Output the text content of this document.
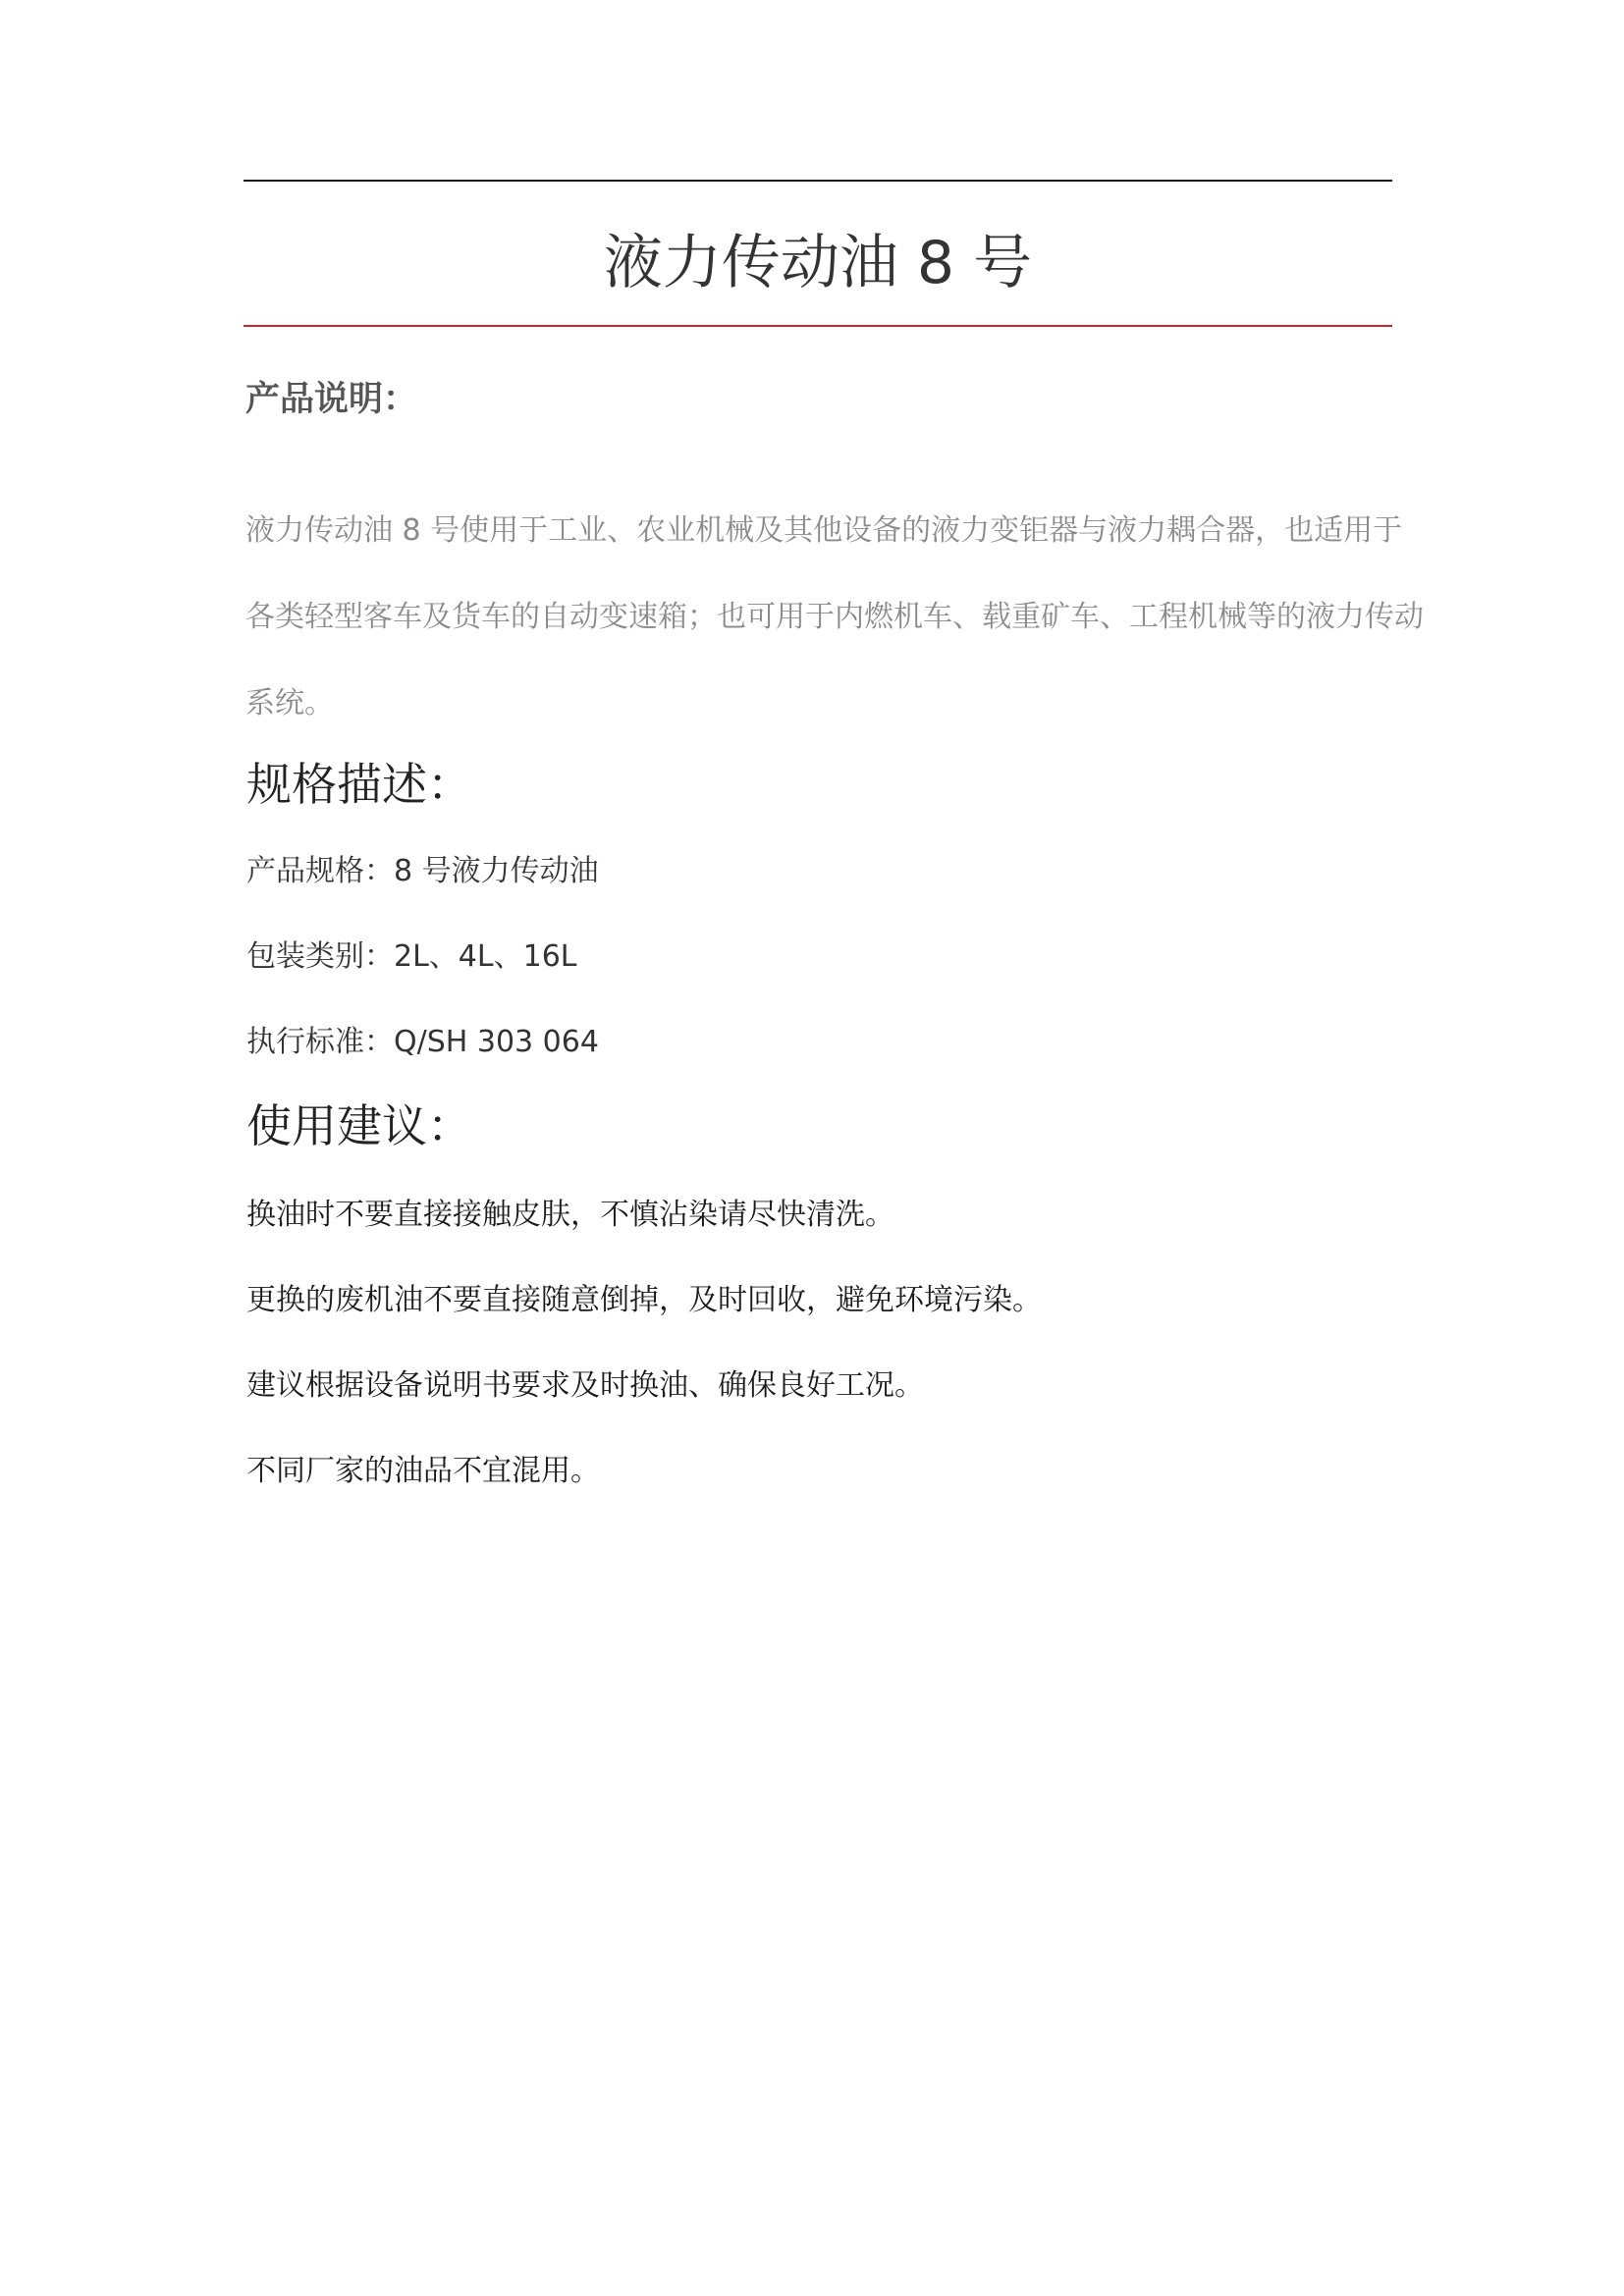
液力传动油 8 号
产品说明：

液力传动油 8 号使用于工业、农业机械及其他设备的液力变钜器与液力耦合器，也适用于
各类轻型客车及货车的自动变速箱；也可用于内燃机车、载重矿车、工程机械等的液力传动
系统。

规格描述：
产品规格：8 号液力传动油
包装类别：2L、4L、16L
执行标准：Q/SH 303 064
使用建议：
换油时不要直接接触皮肤，不慎沾染请尽快清洗。
更换的废机油不要直接随意倒掉，及时回收，避免环境污染。
建议根据设备说明书要求及时换油、确保良好工况。
不同厂家的油品不宜混用。
